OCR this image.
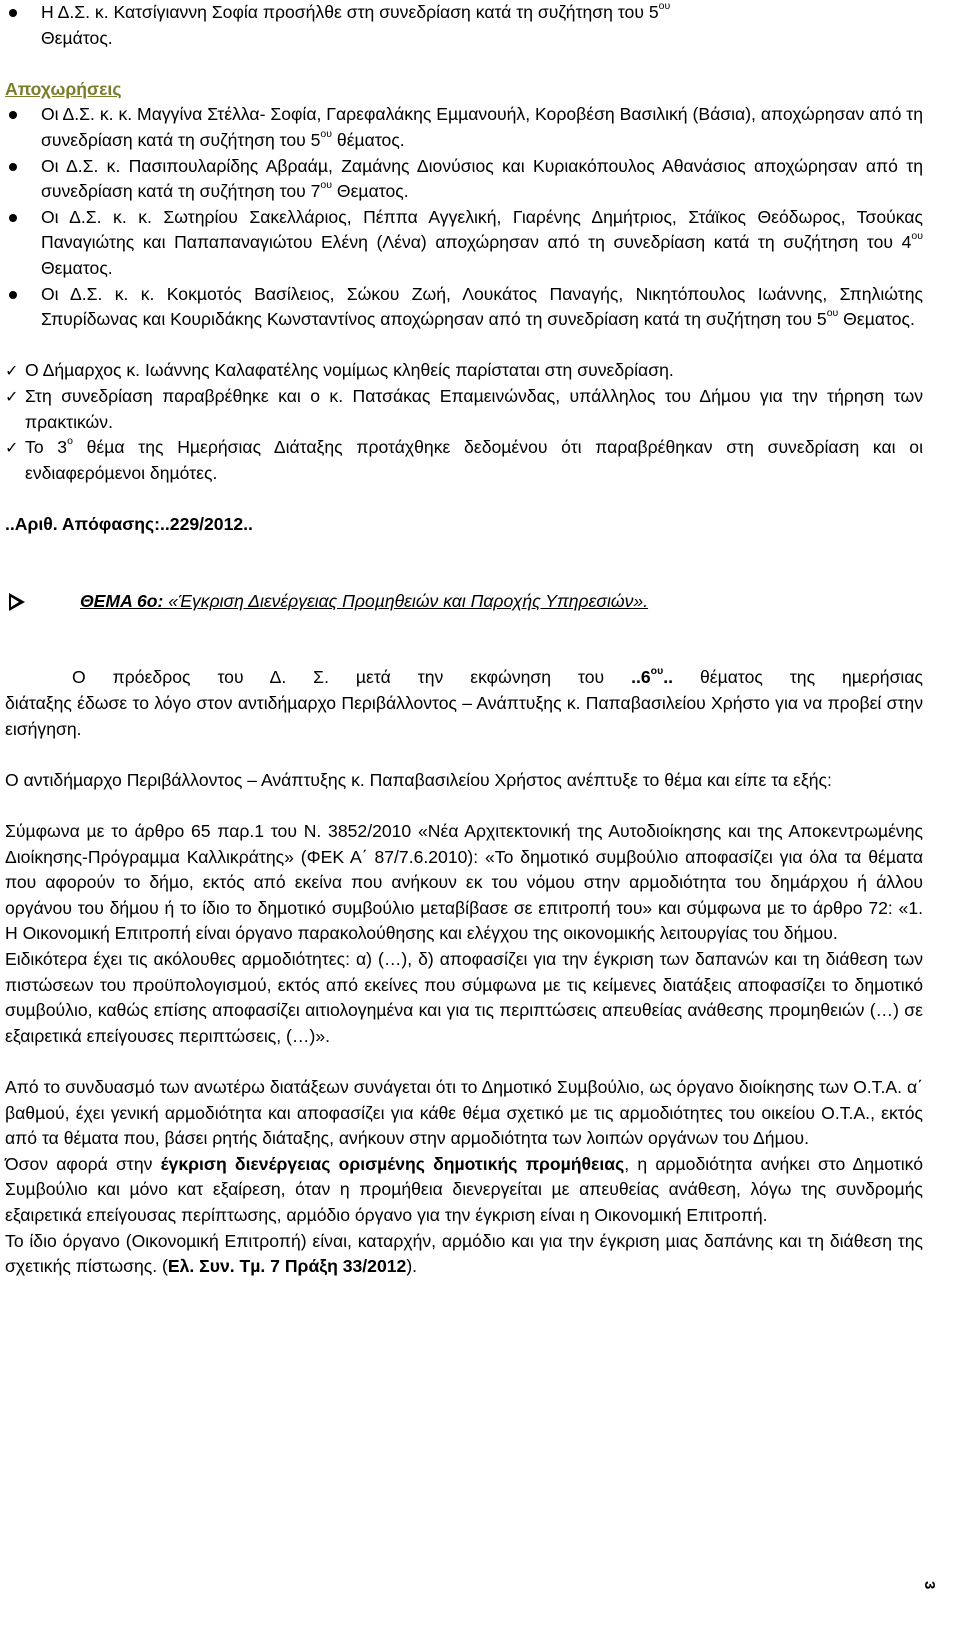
Η Δ.Σ. κ. Κατσίγιαννη Σοφία προσήλθε στη συνεδρίαση κατά τη συζήτηση του $5^{o\upsilon}$
Θεµάτος.

Αποχωρήσεις

Οι Δ.Σ. κ. κ. Μαγγίνα Στέλλα- Σοφία, Γαρεφαλάκης Εµµανουήλ, Κοροβέση Βασιλική (Βάσια), αποχώρησαν από τη συνεδρίαση κατά τη συζήτηση του $5^{o\upsilon}$ θέµατος.
Οι Δ.Σ. κ. Πασιπουλαρίδης Αβραάµ, Ζαµάνης Διονύσιος και Κυριακόπουλος Αθανάσιος αποχώρησαν από τη συνεδρίαση κατά τη συζήτηση του $7^{o\upsilon}$ Θεµατος.
Οι Δ.Σ. κ. κ. Σωτηρίου Σακελλάριος, Πέππα Αγγελική, Γιαρένης Δηµήτριος, Στάϊκος Θεόδωρος, Τσούκας Παναγιώτης και Παπαπαναγιώτου Ελένη (Λένα) αποχώρησαν από τη συνεδρίαση κατά τη συζήτηση του $4^{o\upsilon}$ Θεµατος.
Οι Δ.Σ. κ. κ. Κοκµοτός Βασίλειος, Σώκου Ζωή, Λουκάτος Παναγής, Νικητόπουλος Ιωάννης, Σπηλιώτης Σπυρίδωνας και Κουριδάκης Κωνσταντίνος αποχώρησαν από τη συνεδρίαση κατά τη συζήτηση του $5^{o\upsilon}$ Θεµατος.
✓ Ο Δήµαρχος κ. Ιωάννης Καλαφατέλης νοµίµως κληθείς παρίσταται στη συνεδρίαση.
✓ Στη συνεδρίαση παραβρέθηκε και ο κ. Πατσάκας Επαµεινώνδας, υπάλληλος του Δήµου για την τήρηση των πρακτικών.
✓ Το $3^o$ θέµα της Ηµερήσιας Διάταξης προτάχθηκε δεδοµένου ότι παραβρέθηκαν στη συνεδρίαση και οι ενδιαφερόµενοι δηµότες.

..Αριθ. Απόφασης:..229/2012..

ΘΕΜΑ 6ο: «Έγκριση Διενέργειας Προµηθειών και Παροχής Υπηρεσιών».

Ο πρόεδρος του Δ. Σ. µετά την εκφώνηση του $..6^{o\upsilon}$.. θέµατος της ηµερήσιας

διάταξης έδωσε το λόγο στον αντιδήµαρχο Περιβάλλοντος – Ανάπτυξης κ. Παπαβασιλείου Χρήστο για να προβεί στην εισήγηση.

Ο αντιδήµαρχο Περιβάλλοντος – Ανάπτυξης κ. Παπαβασιλείου Χρήστος ανέπτυξε το θέµα και είπε τα εξής:

Σύµφωνα µε το άρθρο 65 παρ.1 του Ν. 3852/2010 «Νέα Αρχιτεκτονική της Αυτοδιοίκησης και της Αποκεντρωµένης Διοίκησης-Πρόγραµµα Καλλικράτης» (ΦΕΚ Α΄ 87/7.6.2010): «Το δηµοτικό συµβούλιο αποφασίζει για όλα τα θέµατα που αφορούν το δήµο, εκτός από εκείνα που ανήκουν εκ του νόµου στην αρµοδιότητα του δηµάρχου ή άλλου οργάνου του δήµου ή το ίδιο το δηµοτικό συµβούλιο µεταβίβασε σε επιτροπή του» και σύµφωνα µε το άρθρο 72: «1. Η Οικονοµική Επιτροπή είναι όργανο παρακολούθησης και ελέγχου της οικονοµικής λειτουργίας του δήµου.

Ειδικότερα έχει τις ακόλουθες αρµοδιότητες: α) (…), δ) αποφασίζει για την έγκριση των δαπανών και τη διάθεση των πιστώσεων του προϋπολογισµού, εκτός από εκείνες που σύµφωνα µε τις κείµενες διατάξεις αποφασίζει το δηµοτικό συµβούλιο, καθώς επίσης αποφασίζει αιτιολογηµένα και για τις περιπτώσεις απευθείας ανάθεσης προµηθειών (…) σε εξαιρετικά επείγουσες περιπτώσεις, (…)».

Από το συνδυασµό των ανωτέρω διατάξεων συνάγεται ότι το Δηµοτικό Συµβούλιο, ως όργανο διοίκησης των Ο.Τ.Α. α΄ βαθµού, έχει γενική αρµοδιότητα και αποφασίζει για κάθε θέµα σχετικό µε τις αρµοδιότητες του οικείου Ο.Τ.Α., εκτός από τα θέµατα που, βάσει ρητής διάταξης, ανήκουν στην αρµοδιότητα των λοιπών οργάνων του Δήµου.

Όσον αφορά στην έγκριση διενέργειας ορισµένης δηµοτικής προµήθειας, η αρµοδιότητα ανήκει στο Δηµοτικό Συµβούλιο και µόνο κατ εξαίρεση, όταν η προµήθεια διενεργείται µε απευθείας ανάθεση, λόγω της συνδροµής εξαιρετικά επείγουσας περίπτωσης, αρµόδιο όργανο για την έγκριση είναι η Οικονοµική Επιτροπή.

Το ίδιο όργανο (Οικονοµική Επιτροπή) είναι, καταρχήν, αρµόδιο και για την έγκριση µιας δαπάνης και τη διάθεση της σχετικής πίστωσης. (Ελ. Συν. Τµ. 7 Πράξη 33/2012).

3
